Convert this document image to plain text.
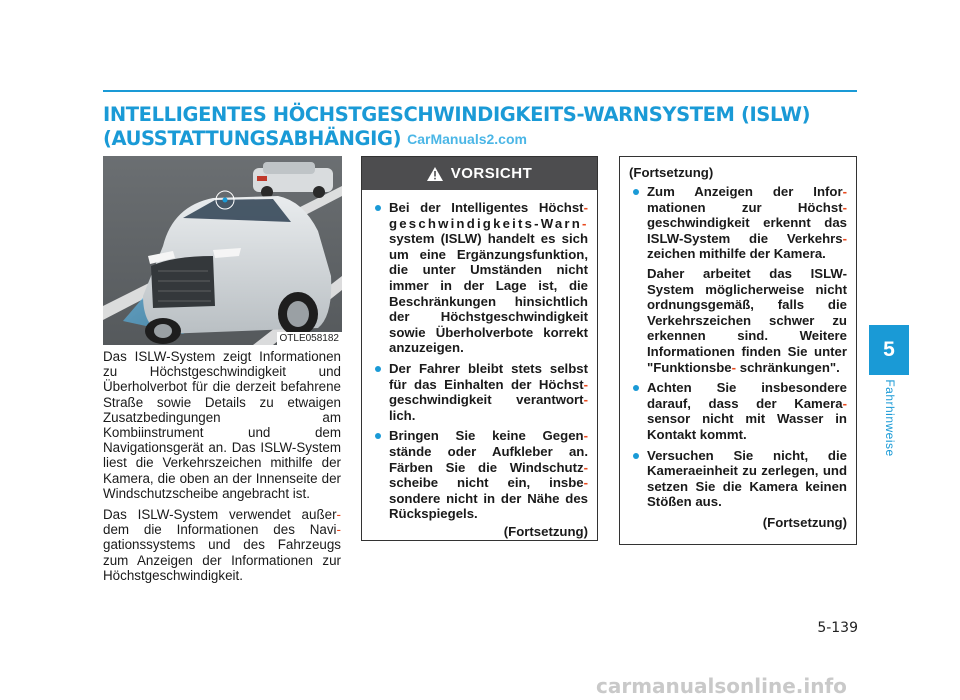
INTELLIGENTES HÖCHSTGESCHWINDIGKEITS-WARNSYSTEM (ISLW)
(AUSSTATTUNGSABHÄNGIG) CarManuals2.com
OTLE058182

Das ISLW-System zeigt Informationen zu Höchstgeschwindigkeit und Überholverbot für die derzeit befahrene Straße sowie Details zu etwaigen Zusatzbedingungen am Kombiinstrument und dem Navigationsgerät an. Das ISLW-System liest die Verkehrszeichen mithilfe der Kamera, die oben an der Innenseite der Windschutzscheibe angebracht ist.

Das ISLW-System verwendet außer- dem die Informationen des Navi- gationssystems und des Fahrzeugs zum Anzeigen der Informationen zur Höchstgeschwindigkeit.

VORSICHT
Bei der Intelligentes Höchst- geschwindigkeits-Warn- system (ISLW) handelt es sich um eine Ergänzungsfunktion, die unter Umständen nicht immer in der Lage ist, die Beschränkungen hinsichtlich der Höchstgeschwindigkeit sowie Überholverbote korrekt anzuzeigen.
Der Fahrer bleibt stets selbst für das Einhalten der Höchst- geschwindigkeit verantwort- lich.
Bringen Sie keine Gegen- stände oder Aufkleber an. Färben Sie die Windschutz- scheibe nicht ein, insbe- sondere nicht in der Nähe des Rückspiegels.
(Fortsetzung)
(Fortsetzung)
Zum Anzeigen der Infor- mationen zur Höchst- geschwindigkeit erkennt das ISLW-System die Verkehrs- zeichen mithilfe der Kamera.
Daher arbeitet das ISLW-System möglicherweise nicht ordnungsgemäß, falls die Verkehrszeichen schwer zu erkennen sind. Weitere Informationen finden Sie unter "Funktionsbe- schränkungen".
Achten Sie insbesondere darauf, dass der Kamera- sensor nicht mit Wasser in Kontakt kommt.
Versuchen Sie nicht, die Kameraeinheit zu zerlegen, und setzen Sie die Kamera keinen Stößen aus.
(Fortsetzung)
5
Fahrhinweise
5-139
carmanualsonline.info
